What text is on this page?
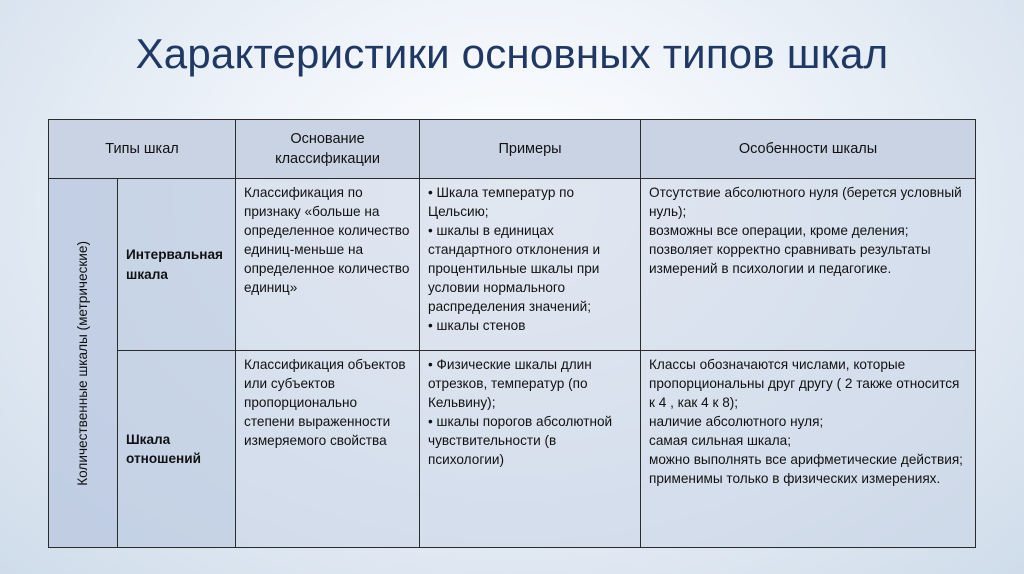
Характеристики основных типов шкал
Типы шкал		Основание классификации	Примеры	Особенности шкалы

Количественные шкалы (метрические)	Интервальная шкала	Классификация по признаку «больше на определенное количество единиц-меньше на определенное количество единиц»	• Шкала температур по Цельсию;
• шкалы в единицах стандартного отклонения и процентильные шкалы при условии нормального распределения значений;
• шкалы стенов	Отсутствие абсолютного нуля (берется условный нуль);
возможны все операции, кроме деления;
позволяет корректно сравнивать результаты измерений в психологии и педагогике.

	Шкала отношений	Классификация объектов или субъектов пропорционально степени выраженности измеряемого свойства	• Физические шкалы длин отрезков, температур (по Кельвину);
• шкалы порогов абсолютной чувствительности (в психологии)	Классы обозначаются числами, которые пропорциональны друг другу ( 2 также относится к 4 , как 4 к 8);
наличие абсолютного нуля;
самая сильная шкала;
можно выполнять все арифметические действия;
применимы только в физических измерениях.
